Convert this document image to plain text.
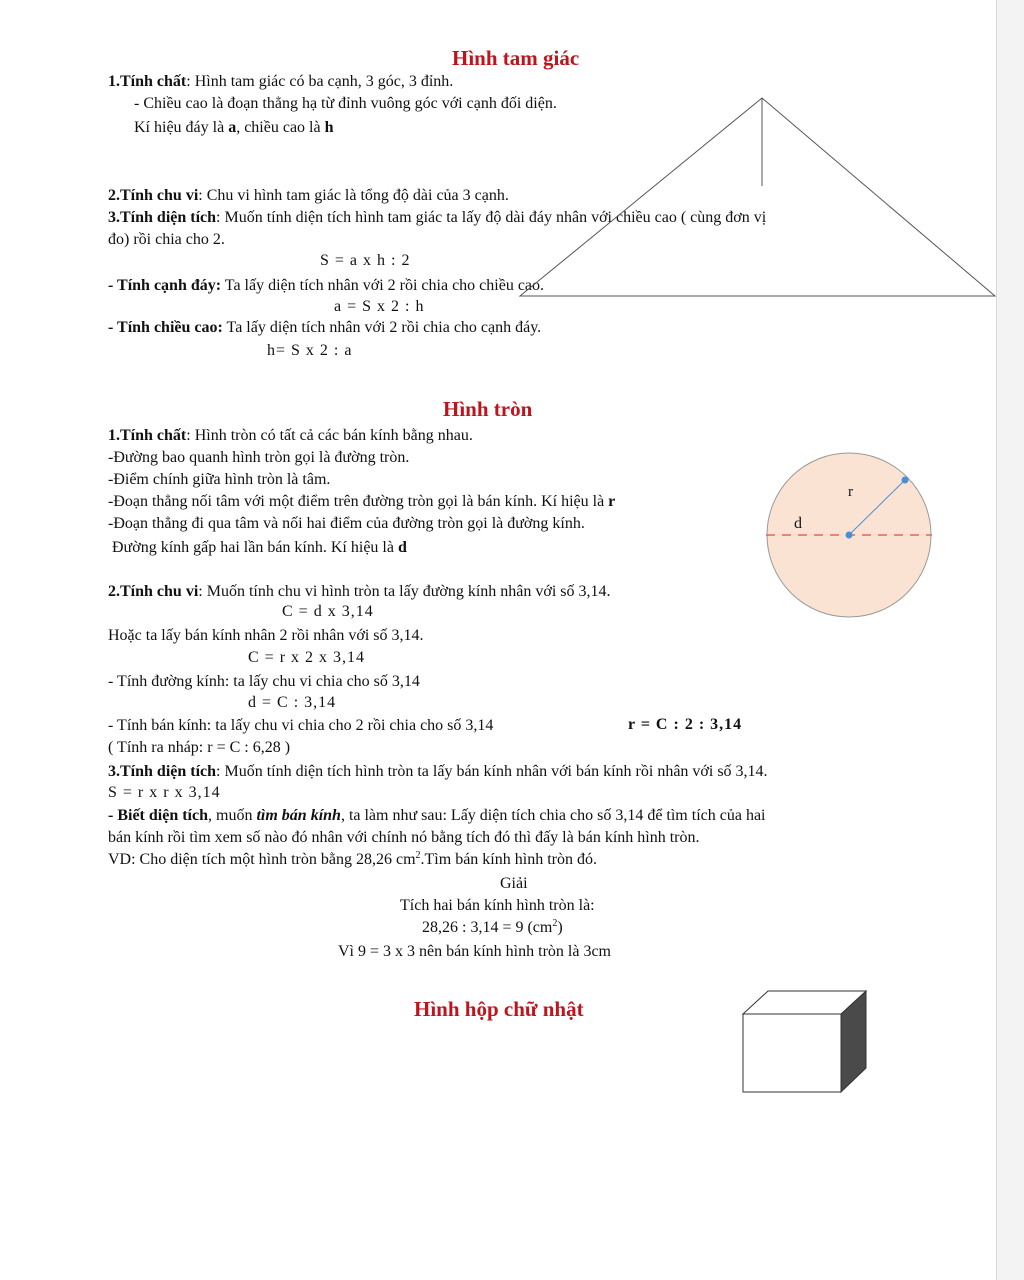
Hình tam giác
1.Tính chất: Hình tam giác có ba cạnh, 3 góc, 3 đỉnh.
- Chiều cao là đoạn thẳng hạ từ đỉnh vuông góc với cạnh đối diện.
Kí hiệu đáy là a, chiều cao là h
2.Tính chu vi: Chu vi hình tam giác là tổng độ dài của 3 cạnh.
3.Tính diện tích: Muốn tính diện tích hình tam giác ta lấy độ dài đáy nhân với chiều cao ( cùng đơn vị
đo) rồi chia cho 2.
S = a x h : 2
- Tính cạnh đáy: Ta lấy diện tích nhân với 2 rồi chia cho chiều cao.
a = S x 2 : h
- Tính chiều cao: Ta lấy diện tích nhân với 2 rồi chia cho cạnh đáy.
h= S x 2 : a
Hình tròn
1.Tính chất: Hình tròn có tất cả các bán kính bằng nhau.
-Đường bao quanh hình tròn gọi là đường tròn.
-Điểm chính giữa hình tròn là tâm.
-Đoạn thẳng nối tâm với một điểm trên đường tròn gọi là bán kính. Kí hiệu là r
-Đoạn thẳng đi qua tâm và nối hai điểm của đường tròn gọi là đường kính.
Đường kính gấp hai lần bán kính. Kí hiệu là d
2.Tính chu vi: Muốn tính chu vi hình tròn ta lấy đường kính nhân với số 3,14.
C = d x 3,14
Hoặc ta lấy bán kính nhân 2 rồi nhân với số 3,14.
C = r x 2 x 3,14
- Tính đường kính: ta lấy chu vi chia cho số 3,14
d = C : 3,14
- Tính bán kính: ta lấy chu vi chia cho 2 rồi chia cho số 3,14	r = C : 2 : 3,14
( Tính ra nháp: r = C : 6,28 )
3.Tính diện tích: Muốn tính diện tích hình tròn ta lấy bán kính nhân với bán kính rồi nhân với số 3,14.
S = r x r x 3,14
- Biết diện tích, muốn tìm bán kính, ta làm như sau: Lấy diện tích chia cho số 3,14 để tìm tích của hai
bán kính rồi tìm xem số nào đó nhân với chính nó bằng tích đó thì đấy là bán kính hình tròn.
VD: Cho diện tích một hình tròn bằng 28,26 $cm^2.Tìm$ bán kính hình tròn đó.
Giải
Tích hai bán kính hình tròn là:
28,26 : 3,14 = 9 $(cm^2)$
Vì 9 = 3 x 3 nên bán kính hình tròn là 3cm
r
d
Hình hộp chữ nhật
